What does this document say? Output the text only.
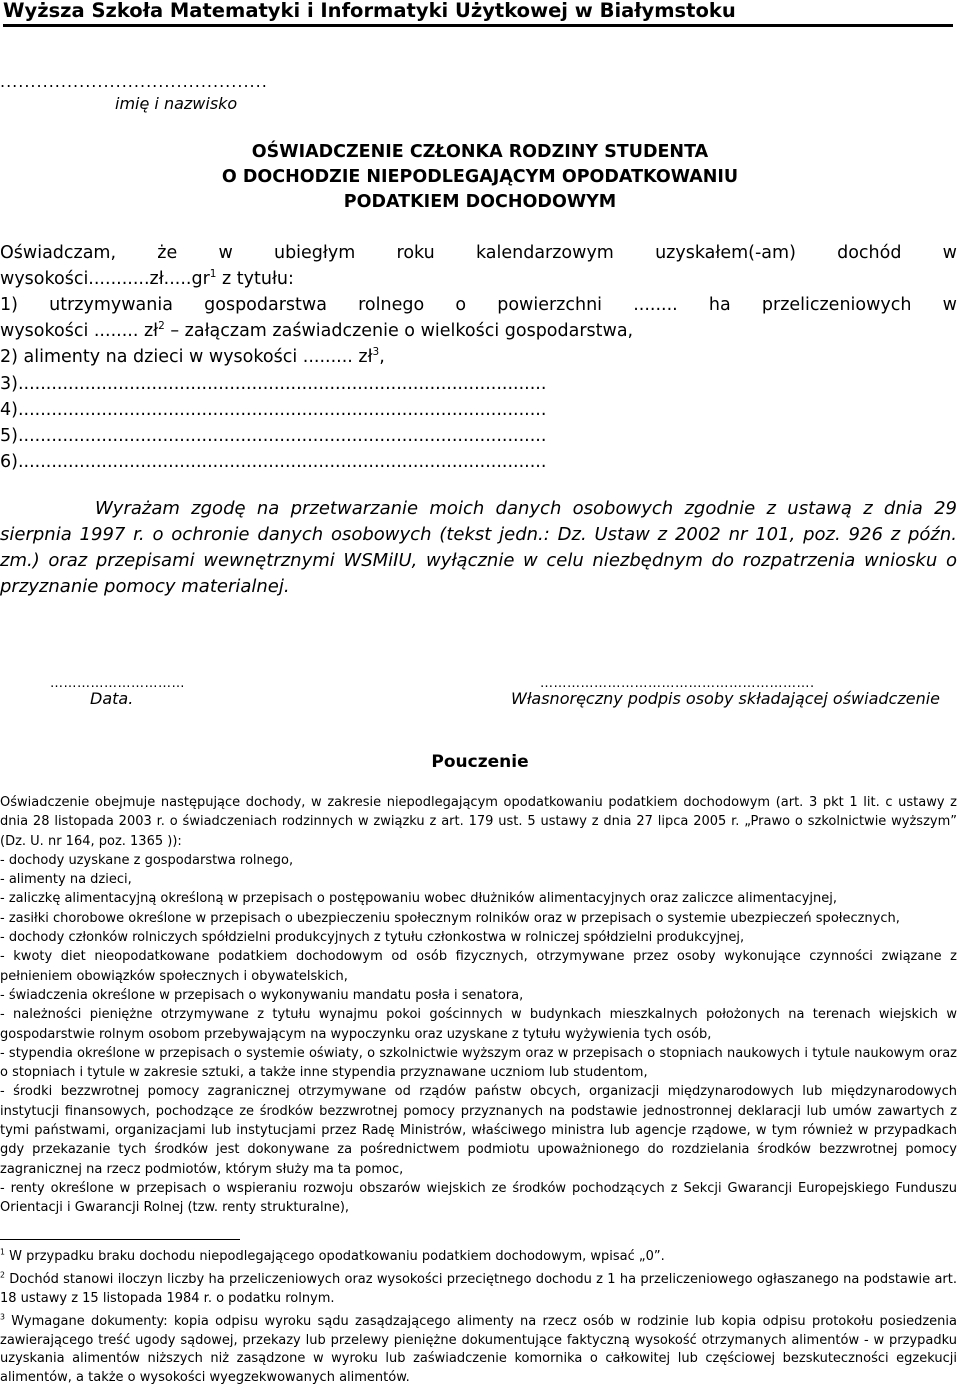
Wyższa Szkoła Matematyki i Informatyki Użytkowej w Białymstoku
............................................
imię i nazwisko
OŚWIADCZENIE CZŁONKA RODZINY STUDENTA
O DOCHODZIE NIEPODLEGAJĄCYM OPODATKOWANIU
PODATKIEM DOCHODOWYM
Oświadczam, że w ubiegłym roku kalendarzowym uzyskałem(-am) dochód w
$wysokości...........zł.....gr^1$ z tytułu:
1) utrzymywania gospodarstwa rolnego o powierzchni ........ ha przeliczeniowych w
wysokości ........ $zł^2$ – załączam zaświadczenie o wielkości gospodarstwa,
2) alimenty na dzieci w wysokości ......... $zł^3$,
3)...............................................................................................
4)...............................................................................................
5)...............................................................................................
6)...............................................................................................
Wyrażam zgodę na przetwarzanie moich danych osobowych zgodnie z ustawą z dnia 29 sierpnia 1997 r. o ochronie danych osobowych (tekst jedn.: Dz. Ustaw z 2002 nr 101, poz. 926 z późn. zm.) oraz przepisami wewnętrznymi WSMiIU, wyłącznie w celu niezbędnym do rozpatrzenia wniosku o przyznanie pomocy materialnej.
…………………………
Data.
…………………………………………………….
Własnoręczny podpis osoby składającej oświadczenie
Pouczenie

Oświadczenie obejmuje następujące dochody, w zakresie niepodlegającym opodatkowaniu podatkiem dochodowym (art. 3 pkt 1 lit. c ustawy z dnia 28 listopada 2003 r. o świadczeniach rodzinnych w związku z art. 179 ust. 5 ustawy z dnia 27 lipca 2005 r. „Prawo o szkolnictwie wyższym” (Dz. U. nr 164, poz. 1365 )):

- dochody uzyskane z gospodarstwa rolnego,

- alimenty na dzieci,

- zaliczkę alimentacyjną określoną w przepisach o postępowaniu wobec dłużników alimentacyjnych oraz zaliczce alimentacyjnej,

- zasiłki chorobowe określone w przepisach o ubezpieczeniu społecznym rolników oraz w przepisach o systemie ubezpieczeń społecznych,

- dochody członków rolniczych spółdzielni produkcyjnych z tytułu członkostwa w rolniczej spółdzielni produkcyjnej,

- kwoty diet nieopodatkowane podatkiem dochodowym od osób fizycznych, otrzymywane przez osoby wykonujące czynności związane z pełnieniem obowiązków społecznych i obywatelskich,

- świadczenia określone w przepisach o wykonywaniu mandatu posła i senatora,

- należności pieniężne otrzymywane z tytułu wynajmu pokoi gościnnych w budynkach mieszkalnych położonych na terenach wiejskich w gospodarstwie rolnym osobom przebywającym na wypoczynku oraz uzyskane z tytułu wyżywienia tych osób,

- stypendia określone w przepisach o systemie oświaty, o szkolnictwie wyższym oraz w przepisach o stopniach naukowych i tytule naukowym oraz o stopniach i tytule w zakresie sztuki, a także inne stypendia przyznawane uczniom lub studentom,

- środki bezzwrotnej pomocy zagranicznej otrzymywane od rządów państw obcych, organizacji międzynarodowych lub międzynarodowych instytucji finansowych, pochodzące ze środków bezzwrotnej pomocy przyznanych na podstawie jednostronnej deklaracji lub umów zawartych z tymi państwami, organizacjami lub instytucjami przez Radę Ministrów, właściwego ministra lub agencje rządowe, w tym również w przypadkach gdy przekazanie tych środków jest dokonywane za pośrednictwem podmiotu upoważnionego do rozdzielania środków bezzwrotnej pomocy zagranicznej na rzecz podmiotów, którym służy ma ta pomoc,

- renty określone w przepisach o wspieraniu rozwoju obszarów wiejskich ze środków pochodzących z Sekcji Gwarancji Europejskiego Funduszu Orientacji i Gwarancji Rolnej (tzw. renty strukturalne),

$^1$ W przypadku braku dochodu niepodlegającego opodatkowaniu podatkiem dochodowym, wpisać „0”.
$^2$ Dochód stanowi iloczyn liczby ha przeliczeniowych oraz wysokości przeciętnego dochodu z 1 ha przeliczeniowego ogłaszanego na podstawie art. 18 ustawy z 15 listopada 1984 r. o podatku rolnym.
$^3$ Wymagane dokumenty: kopia odpisu wyroku sądu zasądzającego alimenty na rzecz osób w rodzinie lub kopia odpisu protokołu posiedzenia zawierającego treść ugody sądowej, przekazy lub przelewy pieniężne dokumentujące faktyczną wysokość otrzymanych alimentów - w przypadku uzyskania alimentów niższych niż zasądzone w wyroku lub zaświadczenie komornika o całkowitej lub częściowej bezskuteczności egzekucji alimentów, a także o wysokości wyegzekwowanych alimentów.
